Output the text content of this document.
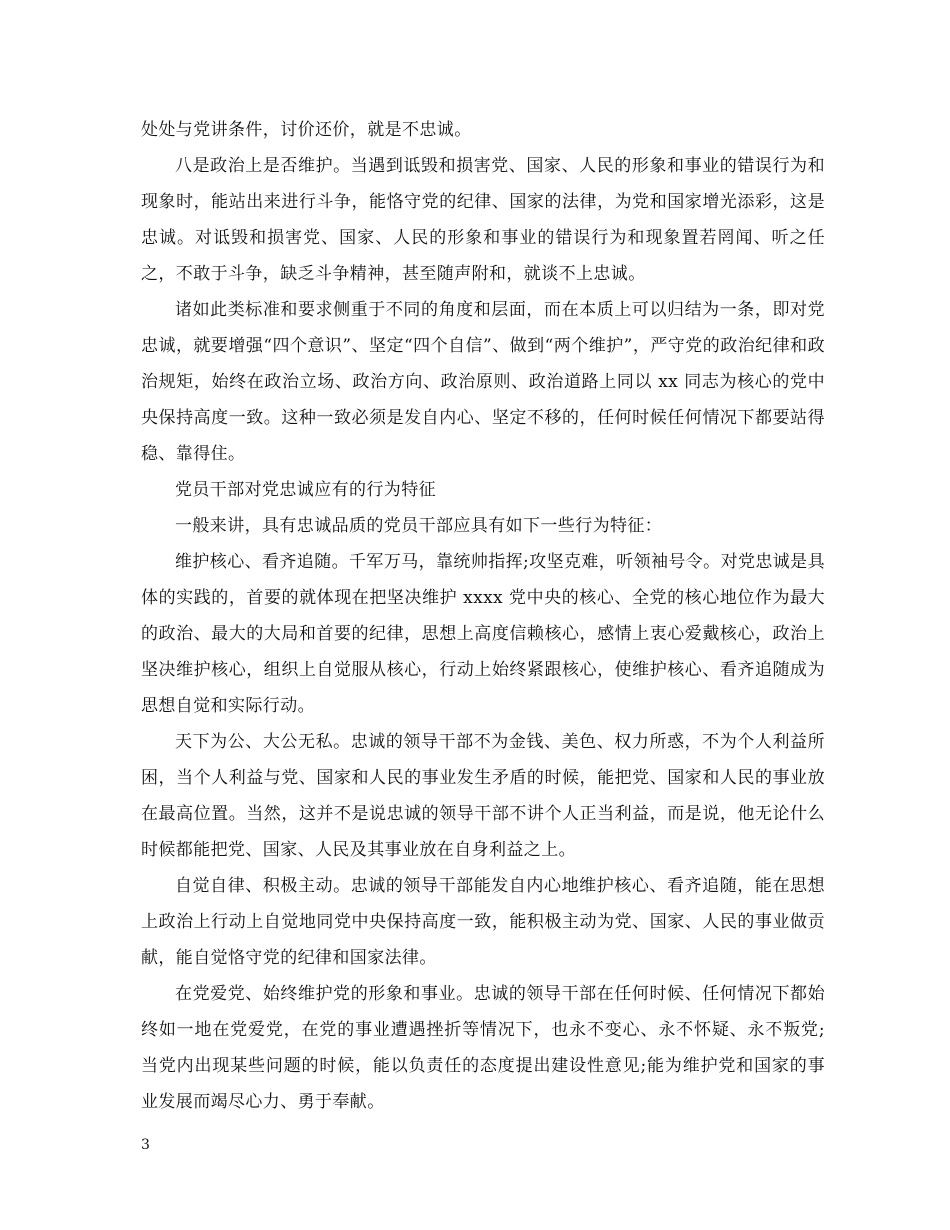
处处与党讲条件，讨价还价，就是不忠诚。

八是政治上是否维护。当遇到诋毁和损害党、国家、人民的形象和事业的错误行为和现象时，能站出来进行斗争，能恪守党的纪律、国家的法律，为党和国家增光添彩，这是忠诚。对诋毁和损害党、国家、人民的形象和事业的错误行为和现象置若罔闻、听之任之，不敢于斗争，缺乏斗争精神，甚至随声附和，就谈不上忠诚。

诸如此类标准和要求侧重于不同的角度和层面，而在本质上可以归结为一条，即对党忠诚，就要增强“四个意识”、坚定“四个自信”、做到“两个维护”，严守党的政治纪律和政治规矩，始终在政治立场、政治方向、政治原则、政治道路上同以 xx 同志为核心的党中央保持高度一致。这种一致必须是发自内心、坚定不移的，任何时候任何情况下都要站得稳、靠得住。

党员干部对党忠诚应有的行为特征

一般来讲，具有忠诚品质的党员干部应具有如下一些行为特征：

维护核心、看齐追随。千军万马，靠统帅指挥;攻坚克难，听领袖号令。对党忠诚是具体的实践的，首要的就体现在把坚决维护 xxxx 党中央的核心、全党的核心地位作为最大的政治、最大的大局和首要的纪律，思想上高度信赖核心，感情上衷心爱戴核心，政治上坚决维护核心，组织上自觉服从核心，行动上始终紧跟核心，使维护核心、看齐追随成为思想自觉和实际行动。

天下为公、大公无私。忠诚的领导干部不为金钱、美色、权力所惑，不为个人利益所困，当个人利益与党、国家和人民的事业发生矛盾的时候，能把党、国家和人民的事业放在最高位置。当然，这并不是说忠诚的领导干部不讲个人正当利益，而是说，他无论什么时候都能把党、国家、人民及其事业放在自身利益之上。

自觉自律、积极主动。忠诚的领导干部能发自内心地维护核心、看齐追随，能在思想上政治上行动上自觉地同党中央保持高度一致，能积极主动为党、国家、人民的事业做贡献，能自觉恪守党的纪律和国家法律。

在党爱党、始终维护党的形象和事业。忠诚的领导干部在任何时候、任何情况下都始终如一地在党爱党，在党的事业遭遇挫折等情况下，也永不变心、永不怀疑、永不叛党;当党内出现某些问题的时候，能以负责任的态度提出建设性意见;能为维护党和国家的事业发展而竭尽心力、勇于奉献。

3
